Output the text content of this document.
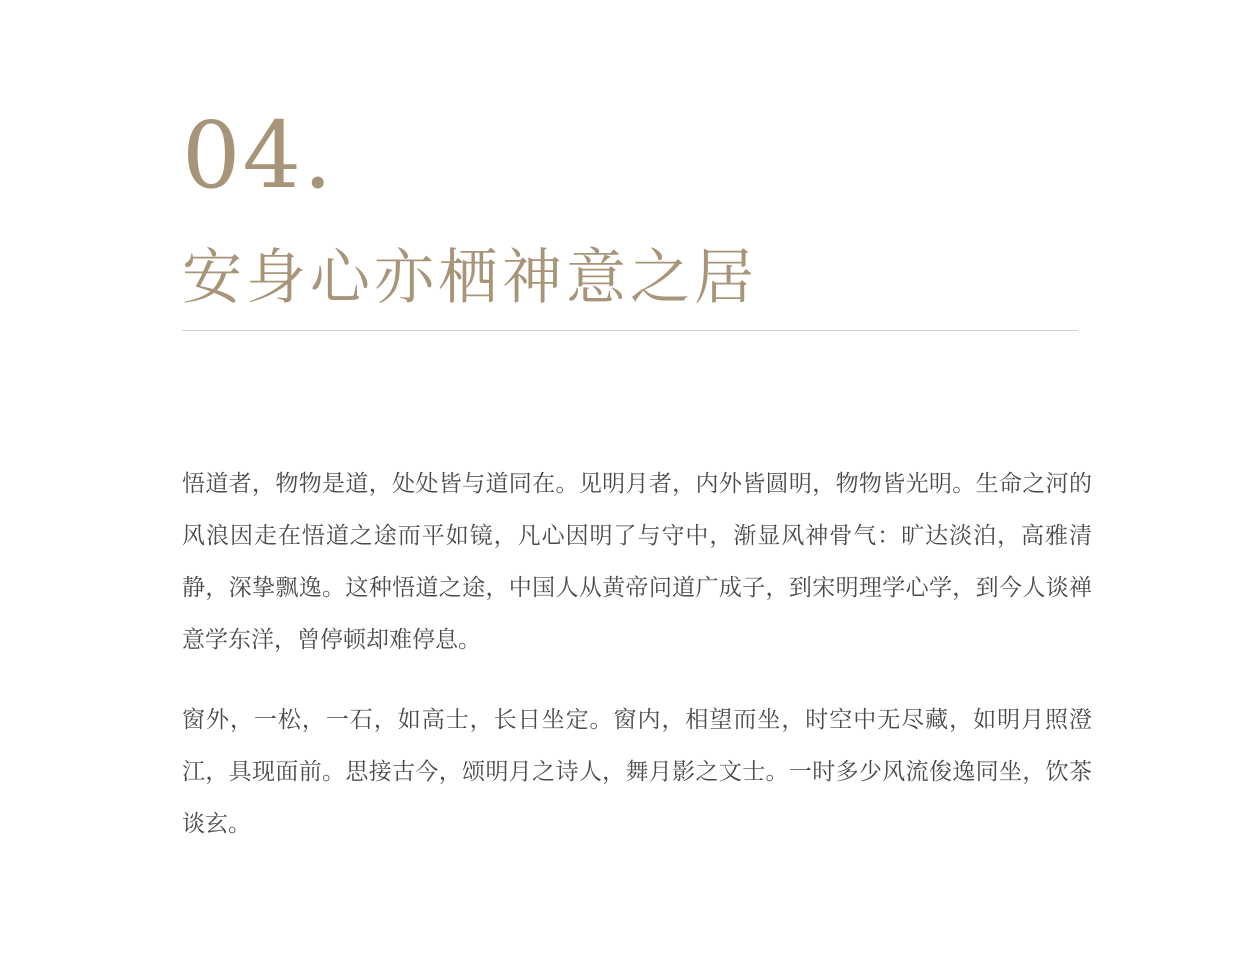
04.
安身心亦栖神意之居

悟道者，物物是道，处处皆与道同在。见明月者，内外皆圆明，物物皆光明。生命之河的风浪因走在悟道之途而平如镜，凡心因明了与守中，渐显风神骨气：旷达淡泊，高雅清静，深挚飘逸。这种悟道之途，中国人从黄帝问道广成子，到宋明理学心学，到今人谈禅意学东洋，曾停顿却难停息。

窗外，一松，一石，如高士，长日坐定。窗内，相望而坐，时空中无尽藏，如明月照澄江，具现面前。思接古今，颂明月之诗人，舞月影之文士。一时多少风流俊逸同坐，饮茶谈玄。
